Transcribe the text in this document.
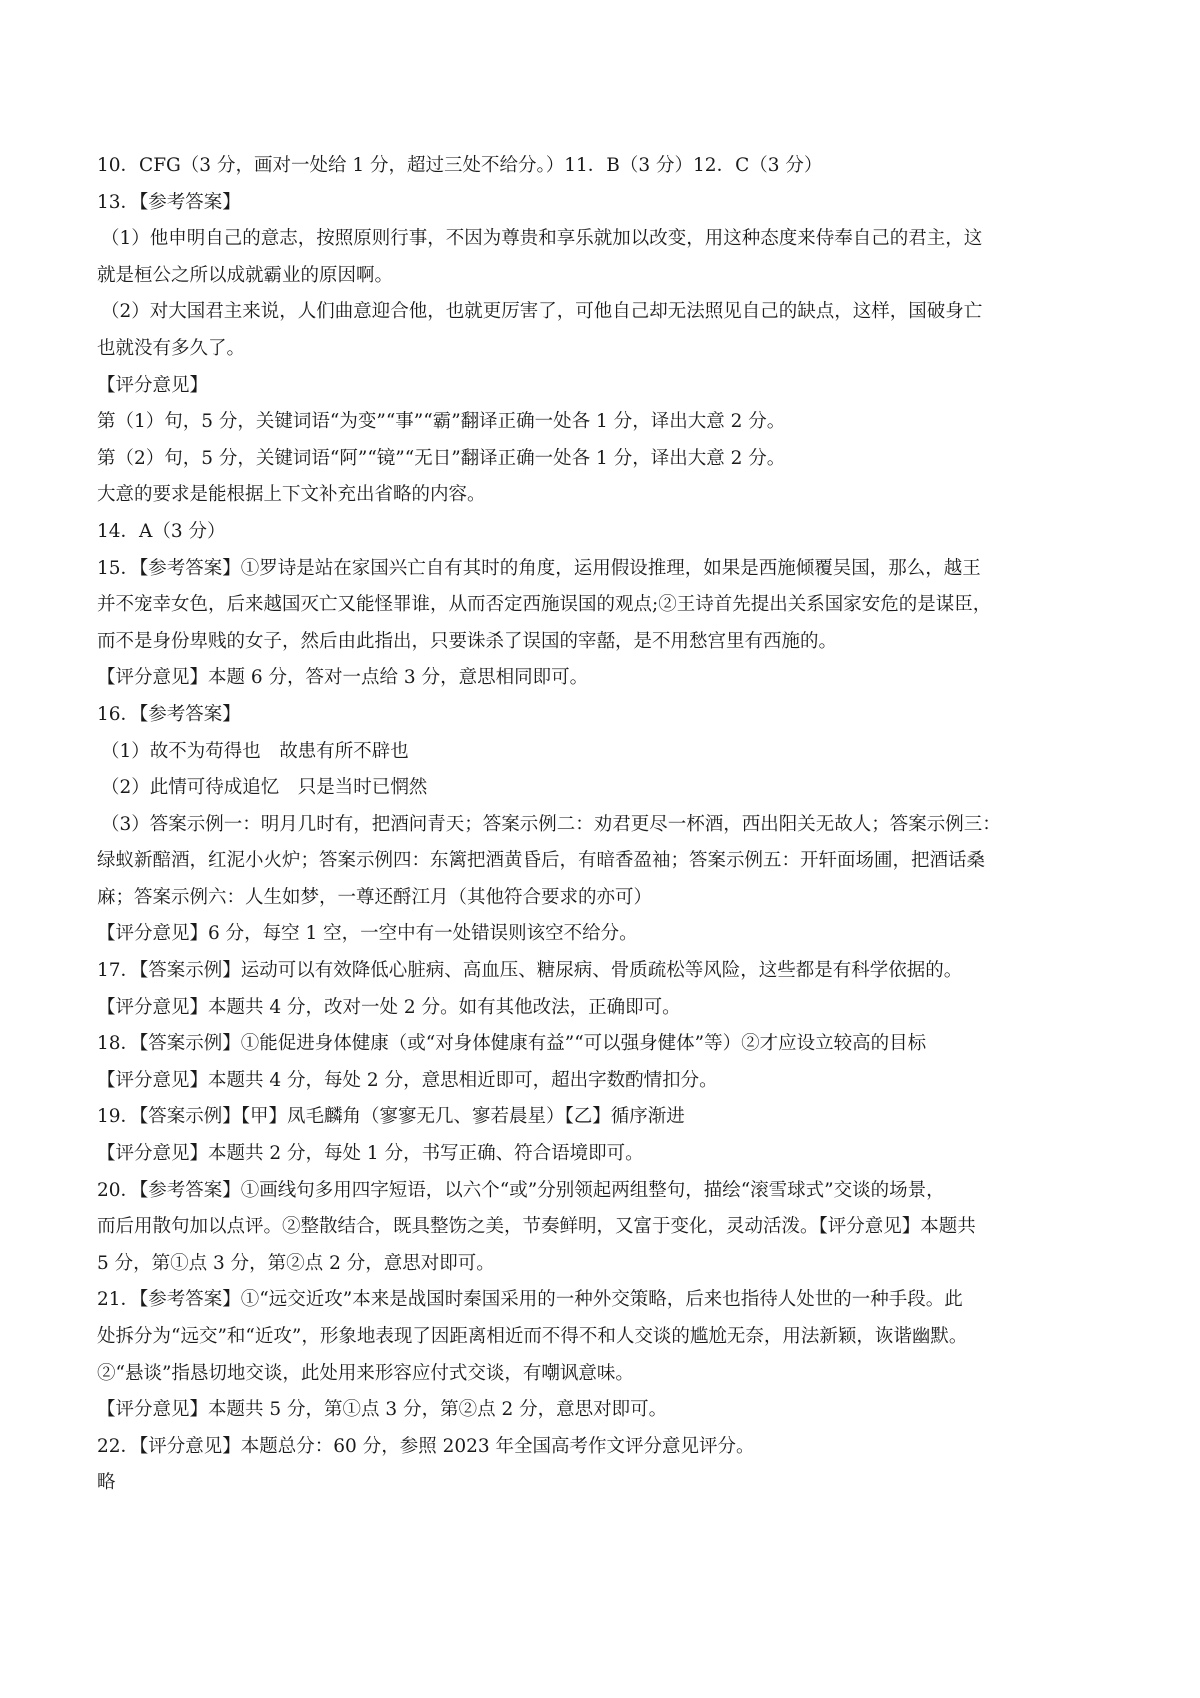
10．CFG（3 分，画对一处给 1 分，超过三处不给分。）11．B（3 分）12．C（3 分）
13．【参考答案】
（1）他申明自己的意志，按照原则行事，不因为尊贵和享乐就加以改变，用这种态度来侍奉自己的君主，这
就是桓公之所以成就霸业的原因啊。
（2）对大国君主来说，人们曲意迎合他，也就更厉害了，可他自己却无法照见自己的缺点，这样，国破身亡
也就没有多久了。
【评分意见】
第（1）句，5 分，关键词语“为变”“事”“霸”翻译正确一处各 1 分，译出大意 2 分。
第（2）句，5 分，关键词语“阿”“镜”“无日”翻译正确一处各 1 分，译出大意 2 分。
大意的要求是能根据上下文补充出省略的内容。
14．A（3 分）
15．【参考答案】①罗诗是站在家国兴亡自有其时的角度，运用假设推理，如果是西施倾覆吴国，那么，越王
并不宠幸女色，后来越国灭亡又能怪罪谁，从而否定西施误国的观点;②王诗首先提出关系国家安危的是谋臣，
而不是身份卑贱的女子，然后由此指出，只要诛杀了误国的宰嚭，是不用愁宫里有西施的。
【评分意见】本题 6 分，答对一点给 3 分，意思相同即可。
16．【参考答案】
（1）故不为苟得也　故患有所不辟也
（2）此情可待成追忆　只是当时已惘然
（3）答案示例一：明月几时有，把酒问青天；答案示例二：劝君更尽一杯酒，西出阳关无故人；答案示例三：
绿蚁新醅酒，红泥小火炉；答案示例四：东篱把酒黄昏后，有暗香盈袖；答案示例五：开轩面场圃，把酒话桑
麻；答案示例六：人生如梦，一尊还酹江月（其他符合要求的亦可）
【评分意见】6 分，每空 1 空，一空中有一处错误则该空不给分。
17．【答案示例】运动可以有效降低心脏病、高血压、糖尿病、骨质疏松等风险，这些都是有科学依据的。
【评分意见】本题共 4 分，改对一处 2 分。如有其他改法，正确即可。
18．【答案示例】①能促进身体健康（或“对身体健康有益”“可以强身健体”等）②才应设立较高的目标
【评分意见】本题共 4 分，每处 2 分，意思相近即可，超出字数酌情扣分。
19．【答案示例】【甲】凤毛麟角（寥寥无几、寥若晨星）【乙】循序渐进
【评分意见】本题共 2 分，每处 1 分，书写正确、符合语境即可。
20．【参考答案】①画线句多用四字短语，以六个“或”分别领起两组整句，描绘“滚雪球式”交谈的场景，
而后用散句加以点评。②整散结合，既具整饬之美，节奏鲜明，又富于变化，灵动活泼。【评分意见】本题共
5 分，第①点 3 分，第②点 2 分，意思对即可。
21．【参考答案】①“远交近攻”本来是战国时秦国采用的一种外交策略，后来也指待人处世的一种手段。此
处拆分为“远交”和“近攻”，形象地表现了因距离相近而不得不和人交谈的尴尬无奈，用法新颖，诙谐幽默。
②“悬谈”指恳切地交谈，此处用来形容应付式交谈，有嘲讽意味。
【评分意见】本题共 5 分，第①点 3 分，第②点 2 分，意思对即可。
22．【评分意见】本题总分：60 分，参照 2023 年全国高考作文评分意见评分。
略
